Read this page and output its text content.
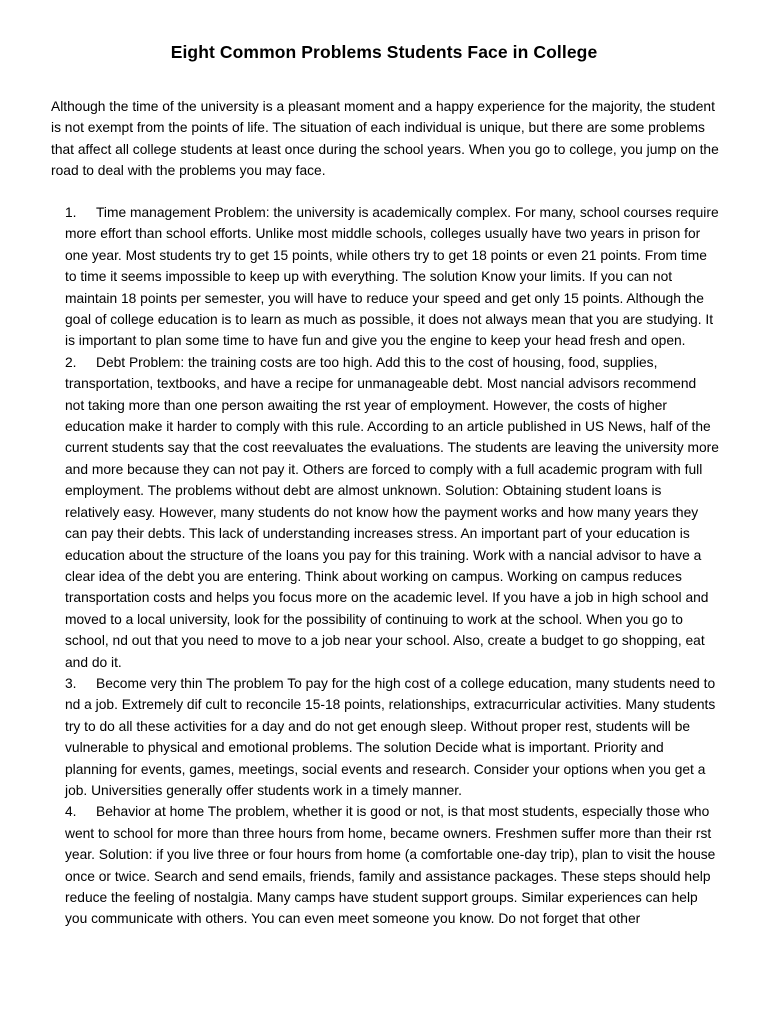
Eight Common Problems Students Face in College

Although the time of the university is a pleasant moment and a happy experience for the majority, the student is not exempt from the points of life. The situation of each individual is unique, but there are some problems that affect all college students at least once during the school years. When you go to college, you jump on the road to deal with the problems you may face.

1. Time management Problem: the university is academically complex. For many, school courses require more effort than school efforts. Unlike most middle schools, colleges usually have two years in prison for one year. Most students try to get 15 points, while others try to get 18 points or even 21 points. From time to time it seems impossible to keep up with everything. The solution Know your limits. If you can not maintain 18 points per semester, you will have to reduce your speed and get only 15 points. Although the goal of college education is to learn as much as possible, it does not always mean that you are studying. It is important to plan some time to have fun and give you the engine to keep your head fresh and open.
2. Debt Problem: the training costs are too high. Add this to the cost of housing, food, supplies, transportation, textbooks, and have a recipe for unmanageable debt. Most nancial advisors recommend not taking more than one person awaiting the rst year of employment. However, the costs of higher education make it harder to comply with this rule. According to an article published in US News, half of the current students say that the cost reevaluates the evaluations. The students are leaving the university more and more because they can not pay it. Others are forced to comply with a full academic program with full employment. The problems without debt are almost unknown. Solution: Obtaining student loans is relatively easy. However, many students do not know how the payment works and how many years they can pay their debts. This lack of understanding increases stress. An important part of your education is education about the structure of the loans you pay for this training. Work with a nancial advisor to have a clear idea of the debt you are entering. Think about working on campus. Working on campus reduces transportation costs and helps you focus more on the academic level. If you have a job in high school and moved to a local university, look for the possibility of continuing to work at the school. When you go to school, nd out that you need to move to a job near your school. Also, create a budget to go shopping, eat and do it.
3. Become very thin The problem To pay for the high cost of a college education, many students need to nd a job. Extremely dif cult to reconcile 15-18 points, relationships, extracurricular activities. Many students try to do all these activities for a day and do not get enough sleep. Without proper rest, students will be vulnerable to physical and emotional problems. The solution Decide what is important. Priority and planning for events, games, meetings, social events and research. Consider your options when you get a job. Universities generally offer students work in a timely manner.
4. Behavior at home The problem, whether it is good or not, is that most students, especially those who went to school for more than three hours from home, became owners. Freshmen suffer more than their rst year. Solution: if you live three or four hours from home (a comfortable one-day trip), plan to visit the house once or twice. Search and send emails, friends, family and assistance packages. These steps should help reduce the feeling of nostalgia. Many camps have student support groups. Similar experiences can help you communicate with others. You can even meet someone you know. Do not forget that other
